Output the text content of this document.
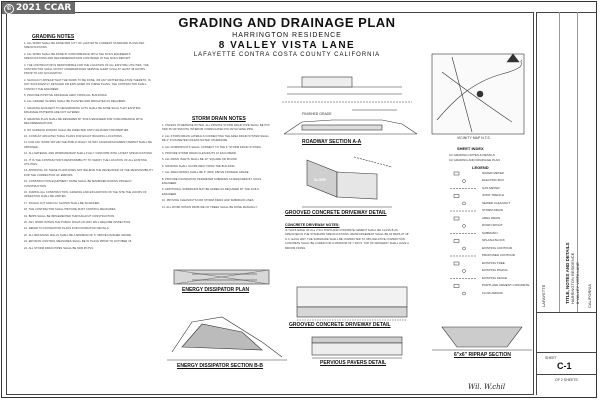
CALIFORNIA
LAFAYETTE	TITLE, NOTES AND DETAILS HARRINGTON RESIDENCE 8 VALLEY VISTA LANE
SHEET
C-1
OF 2 SHEETS
© 2021 CCAR
GRADING AND DRAINAGE PLAN
HARRINGTON RESIDENCE
8 VALLEY VISTA LANE
LAFAYETTE CONTRA COSTA COUNTY CALIFORNIA
GRADING NOTES

1. ALL WORK SHALL BE DONE PER CITY OF LAFAYETTE CURRENT STANDARD PLANS AND SPECIFICATIONS.

2. ALL WORK SHALL BE DONE IN CONFORMANCE WITH THE SOILS ENGINEER'S SPECIFICATIONS AND RECOMMENDATIONS CONTAINED IN THE SOILS REPORT.

3. THE CONTRACTOR IS RESPONSIBLE FOR THE LOCATION OF ALL EXISTING UTILITIES. THE CONTRACTOR SHALL NOTIFY UNDERGROUND SERVICE ALERT (USA) AT LEAST 48 HOURS PRIOR TO ANY EXCAVATION.

4. SHOULD IT APPEAR THAT THE WORK TO BE DONE, OR ANY MATTER RELATIVE THERETO, IS NOT SUFFICIENTLY DETAILED OR EXPLAINED ON THESE PLANS, THE CONTRACTOR SHALL CONTACT THE ENGINEER.

5. PROVIDE POSITIVE DRAINAGE AWAY FROM ALL BUILDINGS.

6. ALL GRADED SLOPES SHALL BE PLANTED AND IRRIGATED AS REQUIRED.

7. GRADING ADJACENT TO NEIGHBORING LOTS SHALL BE DONE SUCH THAT EXISTING DRAINAGE PATTERNS ARE NOT ALTERED.

8. GRADING PLAN SHALL BE REVIEWED BY SOILS ENGINEER FOR CONFORMANCE WITH RECOMMENDATIONS.

9. NO SURFACE RUNOFF SHALL BE DIRECTED ONTO ADJACENT PROPERTIES.

10. CONSULT ARCHITECTURAL PLANS FOR EXACT BUILDING LOCATIONS.

11. FOR ANY WORK WITHIN THE PUBLIC RIGHT OF WAY AN ENCROACHMENT PERMIT SHALL BE OBTAINED.

12. ALL MATERIAL AND WORKMANSHIP SHALL FULLY CONFORM WITH LATEST SPECIFICATIONS.

13. IT IS THE CONTRACTOR'S RESPONSIBILITY TO VERIFY THE LOCATION OF ALL EXISTING UTILITIES.

14. APPROVAL OF THESE PLANS DOES NOT RELIEVE THE DEVELOPER OF THE RESPONSIBILITY FOR THE CORRECTION OF ERRORS.

15. CONSTRUCTION EQUIPMENT NOISE SHALL BE MINIMIZED DURING PROJECT CONSTRUCTION.

16. DURING ALL CONSTRUCTION, GRADING AND EXCAVATION ON THE SITE THE HOURS OF OPERATION SHALL BE LIMITED.

17. ROUGH CUT AND FILL SLOPES SHALL BE SCARIFIED.

18. THE CONTRACTOR SHALL PROVIDE DUST CONTROL MEASURES.

19. BMPS SHALL BE IMPLEMENTED THROUGHOUT CONSTRUCTION.

20. ANY WORK WITHIN THE PUBLIC RIGHT-OF-WAY WILL REQUIRE INSPECTION.

21. REFER TO FOUNDATION PLANS FOR FOUNDATION DETAILS.

22. ALL RETAINING WALLS SHALL BE A MINIMUM OF 6" ABOVE FINISHED GRADE.

23. EROSION CONTROL MEASURES SHALL BE IN PLACE PRIOR TO OCTOBER 15.

24. ALL STORM DRAIN PIPES SHALL BE SDR 35 PVC.

STORM DRAIN NOTES

1. UNLESS OTHERWISE NOTED, ALL PRIVATE STORM DRAIN PIPE SHALL BE PVC SDR 35 OR SMOOTH INTERIOR CORRUGATED POLYETHYLENE PIPE.

2. ALL STORM DRAIN LATERALS CONNECTING THE AREA DRAIN SYSTEM SHALL BE 4" IN DIAMETER UNLESS NOTED OTHERWISE.

3. ALL DOWNSPOUTS SHALL CONNECT TO THE 4" STORM DRAIN SYSTEM.

4. PROVIDE STORM DRAIN CLEANOUTS AT EACH BEND.

5. ALL DRAIN INLETS SHALL BE 12" SQUARE OR ROUND.

6. GRADING SHALL SLOPE AWAY FROM THE BUILDING.

7. ALL AREA DRAINS SHALL BE 6" (MIN) ABOVE FINISHED GRADE.

8. PROVIDE FOUNDATION PERIMETER SUBDRAIN AS REQUIRED BY SOILS ENGINEER.

9. ADDITIONAL SUBDRAINS MAY BE ADDED AS REQUIRED BY THE SOILS ENGINEER.

10. PROVIDE CLEANOUTS FOR STORM DRAIN AND SUBDRAIN LINES.

11. ALL WORK WITHIN DRIPLINE OF TREES SHALL BE DONE MANUALLY.

ROADWAY SECTION A-A
GROOVED CONCRETE DRIVEWAY DETAIL
ENERGY DISSIPATOR PLAN
ENERGY DISSIPATOR SECTION B-B
GROOVED CONCRETE DRIVEWAY DETAIL
PERVIOUS PAVERS DETAIL
6"x6" RIPRAP SECTION
VICINITY MAP N.T.S.
FINISHED GRADE
SLOPE
CONCRETE DRIVEWAY NOTES:
IF THICK EDGE OF ALL 2 SIX PORTLAND CONCRETE CEMENT SHALL BE CLASS B AS SPECIFIED IN THE STANDARD SPECIFICATIONS. REINFORCEMENT SHALL BE #4 BARS AT 18" O.C. EACH WAY. THE SUBGRADE SHALL BE COMPACTED TO 95% RELATIVE COMPACTION. CONCRETE SHALL BE CURED FOR A MINIMUM OF 7 DAYS. TOP OF DRIVEWAY SHALL HAVE A BROOM FINISH.
SHEET INDEX
C1 GRADING NOTES & DETAILS
C2 GRADING AND DRAINAGE PLAN
LEGEND
WATER METER
ELECTRIC BOX
GAS METER
JOINT TRENCH
SEWER CLEANOUT
STORM DRAIN
AREA DRAIN
DOWN SPOUT
SUBDRAIN
SPLASH BLOCK
EXISTING CONTOUR
PROPOSED CONTOUR
EXISTING TREE
EXISTING PAVING
EXISTING FENCE
PORTLAND CEMENT CONCRETE
FLOW ARROW
Wil. W.chil
